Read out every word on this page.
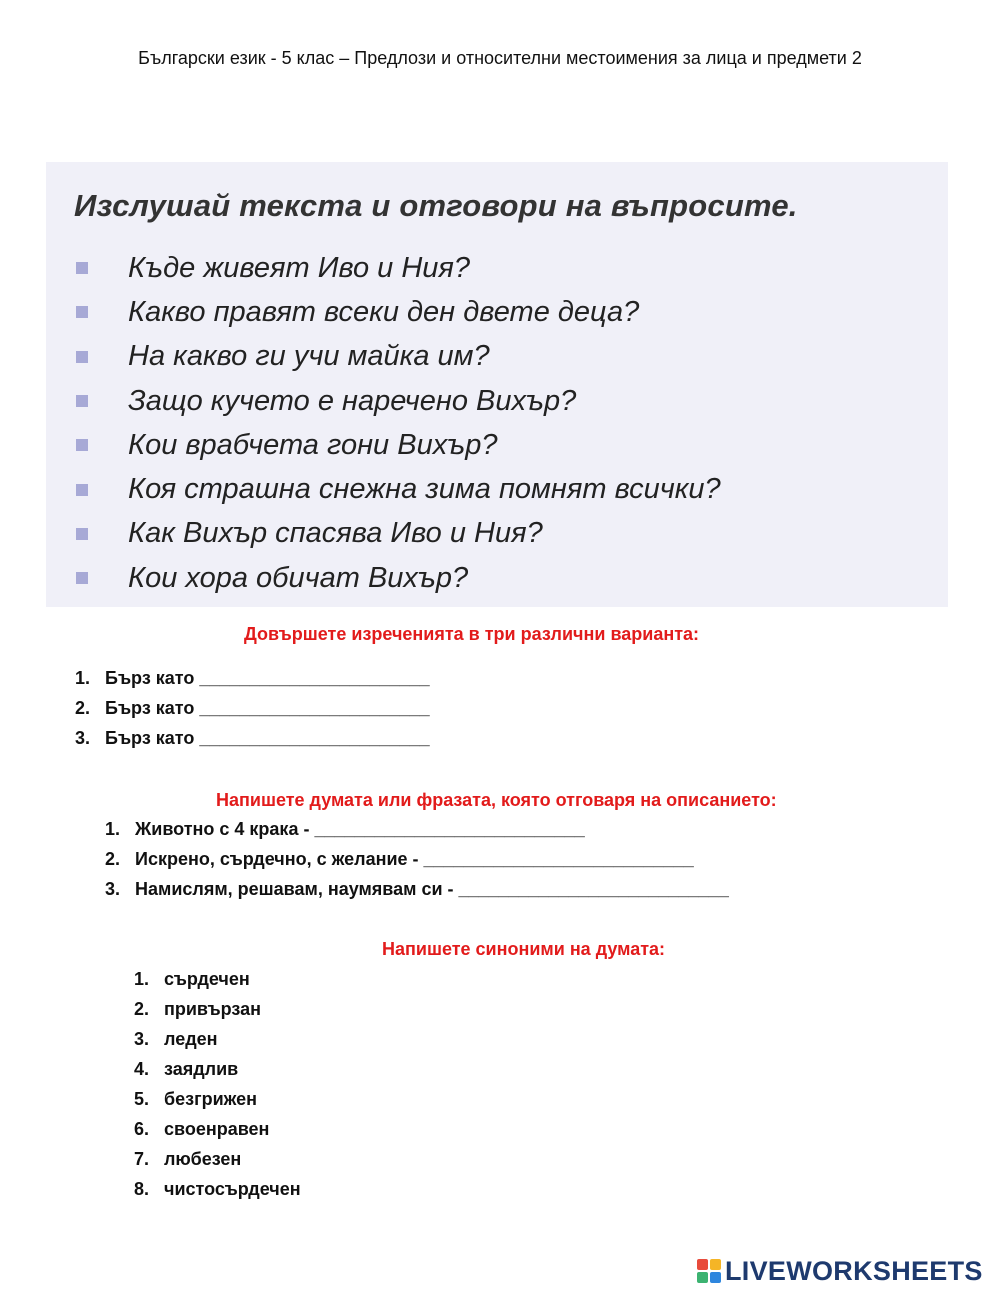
Български език - 5 клас – Предлози и относителни местоимения за лица и предмети 2
Изслушай текста и отговори на въпросите.
Къде живеят Иво и Ния?
Какво правят всеки ден двете деца?
На какво ги учи майка им?
Защо кучето е наречено Вихър?
Кои врабчета гони Вихър?
Коя страшна снежна зима помнят всички?
Как Вихър спасява Иво и Ния?
Кои хора обичат Вихър?
Довършете изреченията в три различни варианта:
1. Бърз като _______________________
2. Бърз като _______________________
3. Бърз като _______________________
Напишете думата или фразата, която отговаря на описанието:
1. Животно с 4 крака - ___________________________
2. Искрено, сърдечно, с желание - ___________________________
3. Намислям, решавам, наумявам си - ___________________________
Напишете синоними на думата:
1. сърдечен
2. привързан
3. леден
4. заядлив
5. безгрижен
6. своенравен
7. любезен
8. чистосърдечен
LIVEWORKSHEETS
